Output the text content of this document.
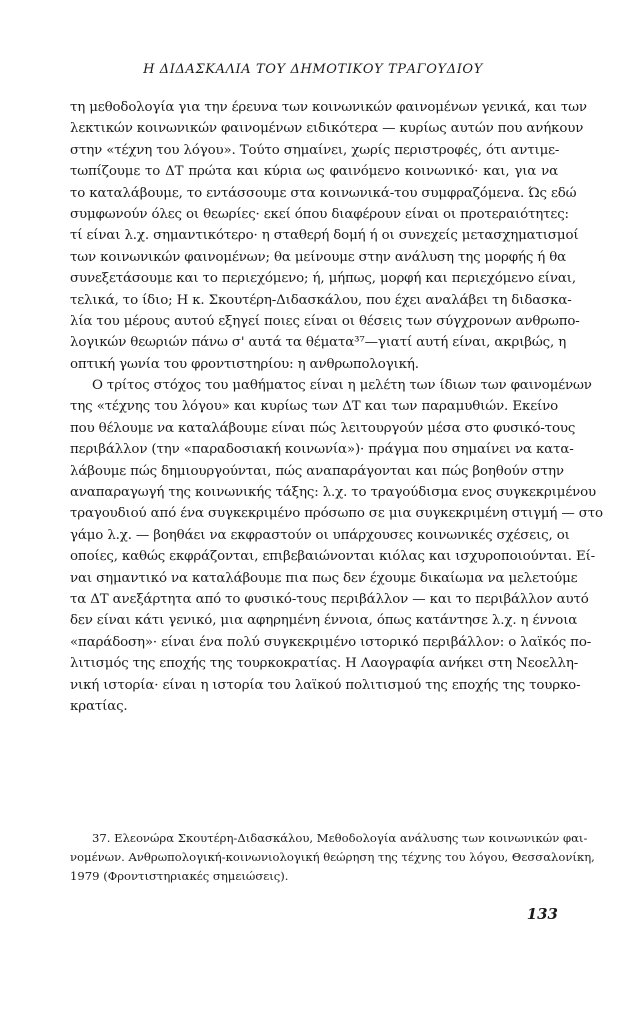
Η ΔΙΔΑΣΚΑΛΙΑ ΤΟΥ ΔΗΜΟΤΙΚΟΥ ΤΡΑΓΟΥΔΙΟΥ
τη μεθοδολογία για την έρευνα των κοινωνικών φαινομένων γενικά, και των
λεκτικών κοινωνικών φαινομένων ειδικότερα — κυρίως αυτών που ανήκουν
στην «τέχνη του λόγου». Τούτο σημαίνει, χωρίς περιστροφές, ότι αντιμε-
τωπίζουμε το ΔΤ πρώτα και κύρια ως φαινόμενο κοινωνικό· και, για να
το καταλάβουμε, το εντάσσουμε στα κοινωνικά-του συμφραζόμενα. Ώς εδώ
συμφωνούν όλες οι θεωρίες· εκεί όπου διαφέρουν είναι οι προτεραιότητες:
τί είναι λ.χ. σημαντικότερο· η σταθερή δομή ή οι συνεχείς μετασχηματισμοί
των κοινωνικών φαινομένων; θα μείνουμε στην ανάλυση της μορφής ή θα
συνεξετάσουμε και το περιεχόμενο; ή, μήπως, μορφή και περιεχόμενο είναι,
τελικά, το ίδιο; Η κ. Σκουτέρη-Διδασκάλου, που έχει αναλάβει τη διδασκα-
λία του μέρους αυτού εξηγεί ποιες είναι οι θέσεις των σύγχρονων ανθρωπο-
λογικών θεωριών πάνω σ' αυτά τα θέματα³⁷—γιατί αυτή είναι, ακριβώς, η
οπτική γωνία του φροντιστηρίου: η ανθρωπολογική.
Ο τρίτος στόχος του μαθήματος είναι η μελέτη των ίδιων των φαινομένων
της «τέχνης του λόγου» και κυρίως των ΔΤ και των παραμυθιών. Εκείνο
που θέλουμε να καταλάβουμε είναι πώς λειτουργούν μέσα στο φυσικό-τους
περιβάλλον (την «παραδοσιακή κοινωνία»)· πράγμα που σημαίνει να κατα-
λάβουμε πώς δημιουργούνται, πώς αναπαράγονται και πώς βοηθούν στην
αναπαραγωγή της κοινωνικής τάξης: λ.χ. το τραγούδισμα ενος συγκεκριμένου
τραγουδιού από ένα συγκεκριμένο πρόσωπο σε μια συγκεκριμένη στιγμή — στο
γάμο λ.χ. — βοηθάει να εκφραστούν οι υπάρχουσες κοινωνικές σχέσεις, οι
οποίες, καθώς εκφράζονται, επιβεβαιώνονται κιόλας και ισχυροποιούνται. Εί-
ναι σημαντικό να καταλάβουμε πια πως δεν έχουμε δικαίωμα να μελετούμε
τα ΔΤ ανεξάρτητα από το φυσικό-τους περιβάλλον — και το περιβάλλον αυτό
δεν είναι κάτι γενικό, μια αφηρημένη έννοια, όπως κατάντησε λ.χ. η έννοια
«παράδοση»· είναι ένα πολύ συγκεκριμένο ιστορικό περιβάλλον: ο λαϊκός πο-
λιτισμός της εποχής της τουρκοκρατίας. Η Λαογραφία ανήκει στη Νεοελλη-
νική ιστορία· είναι η ιστορία του λαϊκού πολιτισμού της εποχής της τουρκο-
κρατίας.
37. Ελεονώρα Σκουτέρη-Διδασκάλου, Μεθοδολογία ανάλυσης των κοινωνικών φαι-
νομένων. Ανθρωπολογική-κοινωνιολογική θεώρηση της τέχνης του λόγου, Θεσσαλονίκη,
1979 (Φροντιστηριακές σημειώσεις).
133
